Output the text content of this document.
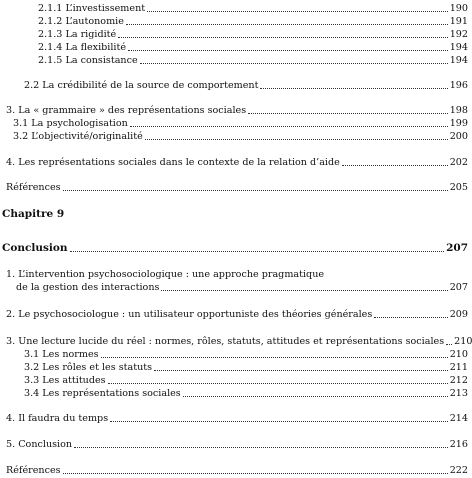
2.1.1 L’investissement	190
2.1.2 L’autonomie	191
2.1.3 La rigidité	192
2.1.4 La flexibilité	194
2.1.5 La consistance	194
2.2 La crédibilité de la source de comportement	196
3. La « grammaire » des représentations sociales	198
3.1 La psychologisation	199
3.2 L’objectivité/originalité	200
4. Les représentations sociales dans le contexte de la relation d’aide	202
Références	205
Chapitre 9
Conclusion	207
1. L’intervention psychosociologique : une approche pragmatique
de la gestion des interactions	207
2. Le psychosociologue : un utilisateur opportuniste des théories générales	209
3. Une lecture lucide du réel : normes, rôles, statuts, attitudes et représentations sociales 210
3.1 Les normes	210
3.2 Les rôles et les statuts	211
3.3 Les attitudes	212
3.4 Les représentations sociales	213
4. Il faudra du temps	214
5. Conclusion	216
Références	222
